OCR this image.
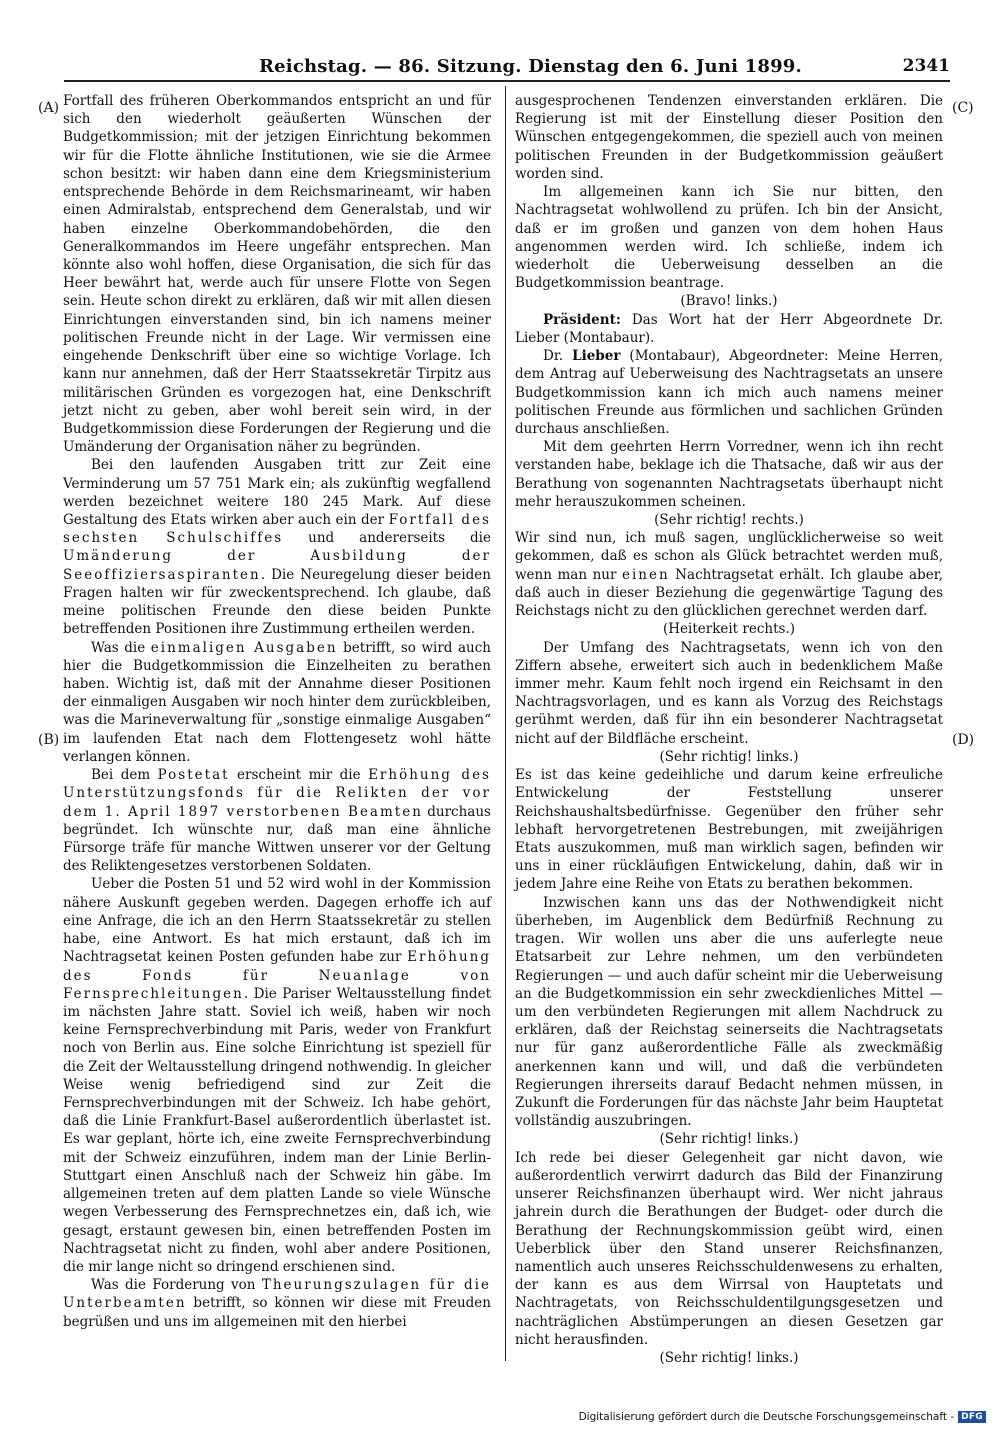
Reichstag. — 86. Sitzung. Dienstag den 6. Juni 1899.	2341
(A)
(B)
(C)
(D)

Fortfall des früheren Oberkommandos entspricht an und für sich den wiederholt geäußerten Wünschen der Budgetkommission; mit der jetzigen Einrichtung bekommen wir für die Flotte ähnliche Institutionen, wie sie die Armee schon besitzt: wir haben dann eine dem Kriegsministerium entsprechende Behörde in dem Reichsmarineamt, wir haben einen Admiralstab, entsprechend dem Generalstab, und wir haben einzelne Oberkommandobehörden, die den Generalkommandos im Heere ungefähr entsprechen. Man könnte also wohl hoffen, diese Organisation, die sich für das Heer bewährt hat, werde auch für unsere Flotte von Segen sein. Heute schon direkt zu erklären, daß wir mit allen diesen Einrichtungen einverstanden sind, bin ich namens meiner politischen Freunde nicht in der Lage. Wir vermissen eine eingehende Denkschrift über eine so wichtige Vorlage. Ich kann nur annehmen, daß der Herr Staatssekretär Tirpitz aus militärischen Gründen es vorgezogen hat, eine Denkschrift jetzt nicht zu geben, aber wohl bereit sein wird, in der Budgetkommission diese Forderungen der Regierung und die Umänderung der Organisation näher zu begründen.

Bei den laufenden Ausgaben tritt zur Zeit eine Verminderung um 57 751 Mark ein; als zukünftig wegfallend werden bezeichnet weitere 180 245 Mark. Auf diese Gestaltung des Etats wirken aber auch ein der Fortfall des sechsten Schulschiffes und andererseits die Umänderung der Ausbildung der Seeoffiziersaspiranten. Die Neuregelung dieser beiden Fragen halten wir für zweckentsprechend. Ich glaube, daß meine politischen Freunde den diese beiden Punkte betreffenden Positionen ihre Zustimmung ertheilen werden.

Was die einmaligen Ausgaben betrifft, so wird auch hier die Budgetkommission die Einzelheiten zu berathen haben. Wichtig ist, daß mit der Annahme dieser Positionen der einmaligen Ausgaben wir noch hinter dem zurückbleiben, was die Marineverwaltung für „sonstige einmalige Ausgaben“ im laufenden Etat nach dem Flottengesetz wohl hätte verlangen können.

Bei dem Postetat erscheint mir die Erhöhung des Unterstützungsfonds für die Relikten der vor dem 1. April 1897 verstorbenen Beamten durchaus begründet. Ich wünschte nur, daß man eine ähnliche Fürsorge träfe für manche Wittwen unserer vor der Geltung des Reliktengesetzes verstorbenen Soldaten.

Ueber die Posten 51 und 52 wird wohl in der Kommission nähere Auskunft gegeben werden. Dagegen erhoffe ich auf eine Anfrage, die ich an den Herrn Staatssekretär zu stellen habe, eine Antwort. Es hat mich erstaunt, daß ich im Nachtragsetat keinen Posten gefunden habe zur Erhöhung des Fonds für Neuanlage von Fernsprechleitungen. Die Pariser Weltausstellung findet im nächsten Jahre statt. Soviel ich weiß, haben wir noch keine Fernsprechverbindung mit Paris, weder von Frankfurt noch von Berlin aus. Eine solche Einrichtung ist speziell für die Zeit der Weltausstellung dringend nothwendig. In gleicher Weise wenig befriedigend sind zur Zeit die Fernsprechverbindungen mit der Schweiz. Ich habe gehört, daß die Linie Frankfurt-Basel außerordentlich überlastet ist. Es war geplant, hörte ich, eine zweite Fernsprechverbindung mit der Schweiz einzuführen, indem man der Linie Berlin-Stuttgart einen Anschluß nach der Schweiz hin gäbe. Im allgemeinen treten auf dem platten Lande so viele Wünsche wegen Verbesserung des Fernsprechnetzes ein, daß ich, wie gesagt, erstaunt gewesen bin, einen betreffenden Posten im Nachtragsetat nicht zu finden, wohl aber andere Positionen, die mir lange nicht so dringend erschienen sind.

Was die Forderung von Theurungszulagen für die Unterbeamten betrifft, so können wir diese mit Freuden begrüßen und uns im allgemeinen mit den hierbei

ausgesprochenen Tendenzen einverstanden erklären. Die Regierung ist mit der Einstellung dieser Position den Wünschen entgegengekommen, die speziell auch von meinen politischen Freunden in der Budgetkommission geäußert worden sind.

Im allgemeinen kann ich Sie nur bitten, den Nachtragsetat wohlwollend zu prüfen. Ich bin der Ansicht, daß er im großen und ganzen von dem hohen Haus angenommen werden wird. Ich schließe, indem ich wiederholt die Ueberweisung desselben an die Budgetkommission beantrage.

(Bravo! links.)

Präsident: Das Wort hat der Herr Abgeordnete Dr. Lieber (Montabaur).

Dr. Lieber (Montabaur), Abgeordneter: Meine Herren, dem Antrag auf Ueberweisung des Nachtragsetats an unsere Budgetkommission kann ich mich auch namens meiner politischen Freunde aus förmlichen und sachlichen Gründen durchaus anschließen.

Mit dem geehrten Herrn Vorredner, wenn ich ihn recht verstanden habe, beklage ich die Thatsache, daß wir aus der Berathung von sogenannten Nachtragsetats überhaupt nicht mehr herauszukommen scheinen.

(Sehr richtig! rechts.)

Wir sind nun, ich muß sagen, unglücklicherweise so weit gekommen, daß es schon als Glück betrachtet werden muß, wenn man nur einen Nachtragsetat erhält. Ich glaube aber, daß auch in dieser Beziehung die gegenwärtige Tagung des Reichstags nicht zu den glücklichen gerechnet werden darf.

(Heiterkeit rechts.)

Der Umfang des Nachtragsetats, wenn ich von den Ziffern absehe, erweitert sich auch in bedenklichem Maße immer mehr. Kaum fehlt noch irgend ein Reichsamt in den Nachtragsvorlagen, und es kann als Vorzug des Reichstags gerühmt werden, daß für ihn ein besonderer Nachtragsetat nicht auf der Bildfläche erscheint.

(Sehr richtig! links.)

Es ist das keine gedeihliche und darum keine erfreuliche Entwickelung der Feststellung unserer Reichshaushaltsbedürfnisse. Gegenüber den früher sehr lebhaft hervorgetretenen Bestrebungen, mit zweijährigen Etats auszukommen, muß man wirklich sagen, befinden wir uns in einer rückläufigen Entwickelung, dahin, daß wir in jedem Jahre eine Reihe von Etats zu berathen bekommen.

Inzwischen kann uns das der Nothwendigkeit nicht überheben, im Augenblick dem Bedürfniß Rechnung zu tragen. Wir wollen uns aber die uns auferlegte neue Etatsarbeit zur Lehre nehmen, um den verbündeten Regierungen — und auch dafür scheint mir die Ueberweisung an die Budgetkommission ein sehr zweckdienliches Mittel — um den verbündeten Regierungen mit allem Nachdruck zu erklären, daß der Reichstag seinerseits die Nachtragsetats nur für ganz außerordentliche Fälle als zweckmäßig anerkennen kann und will, und daß die verbündeten Regierungen ihrerseits darauf Bedacht nehmen müssen, in Zukunft die Forderungen für das nächste Jahr beim Hauptetat vollständig auszubringen.

(Sehr richtig! links.)

Ich rede bei dieser Gelegenheit gar nicht davon, wie außerordentlich verwirrt dadurch das Bild der Finanzirung unserer Reichsfinanzen überhaupt wird. Wer nicht jahraus jahrein durch die Berathungen der Budget- oder durch die Berathung der Rechnungskommission geübt wird, einen Ueberblick über den Stand unserer Reichsfinanzen, namentlich auch unseres Reichsschuldenwesens zu erhalten, der kann es aus dem Wirrsal von Hauptetats und Nachtragetats, von Reichsschuldentilgungsgesetzen und nachträglichen Abstümperungen an diesen Gesetzen gar nicht herausfinden.

(Sehr richtig! links.)

Digitalisierung gefördert durch die Deutsche Forschungsgemeinschaft - DFG
